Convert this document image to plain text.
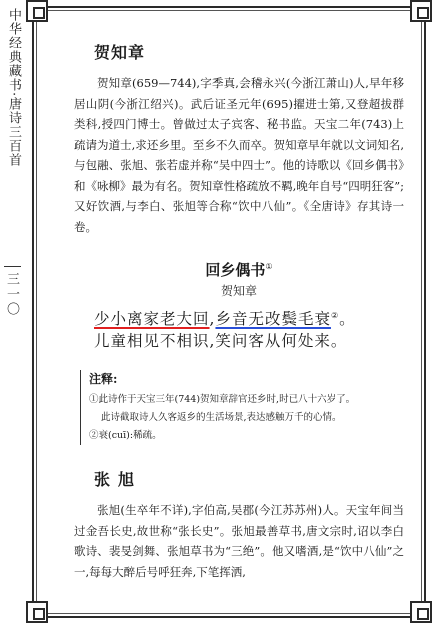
中华经典藏书·唐诗三百首
三一〇
贺知章

贺知章(659—744),字季真,会稽永兴(今浙江萧山)人,早年移居山阴(今浙江绍兴)。武后证圣元年(695)擢进士第,又登超拔群类科,授四门博士。曾做过太子宾客、秘书监。天宝二年(743)上疏请为道士,求还乡里。至乡不久而卒。贺知章早年就以文词知名,与包融、张旭、张若虚并称“吴中四士”。他的诗歌以《回乡偶书》和《咏柳》最为有名。贺知章性格疏放不羁,晚年自号“四明狂客”;又好饮酒,与李白、张旭等合称“饮中八仙”。《全唐诗》存其诗一卷。

回乡偶书①
贺知章
少小离家老大回,乡音无改鬓毛衰②。
儿童相见不相识,笑问客从何处来。
注释:

①此诗作于天宝三年(744)贺知章辞官还乡时,时已八十六岁了。

此诗截取诗人久客返乡的生活场景,表达感触万千的心情。

②衰(cuī):稀疏。

张旭

张旭(生卒年不详),字伯高,吴郡(今江苏苏州)人。天宝年间当过金吾长史,故世称“张长史”。张旭最善草书,唐文宗时,诏以李白歌诗、裴旻剑舞、张旭草书为“三绝”。他又嗜酒,是“饮中八仙”之一,每每大醉后号呼狂奔,下笔挥洒,
